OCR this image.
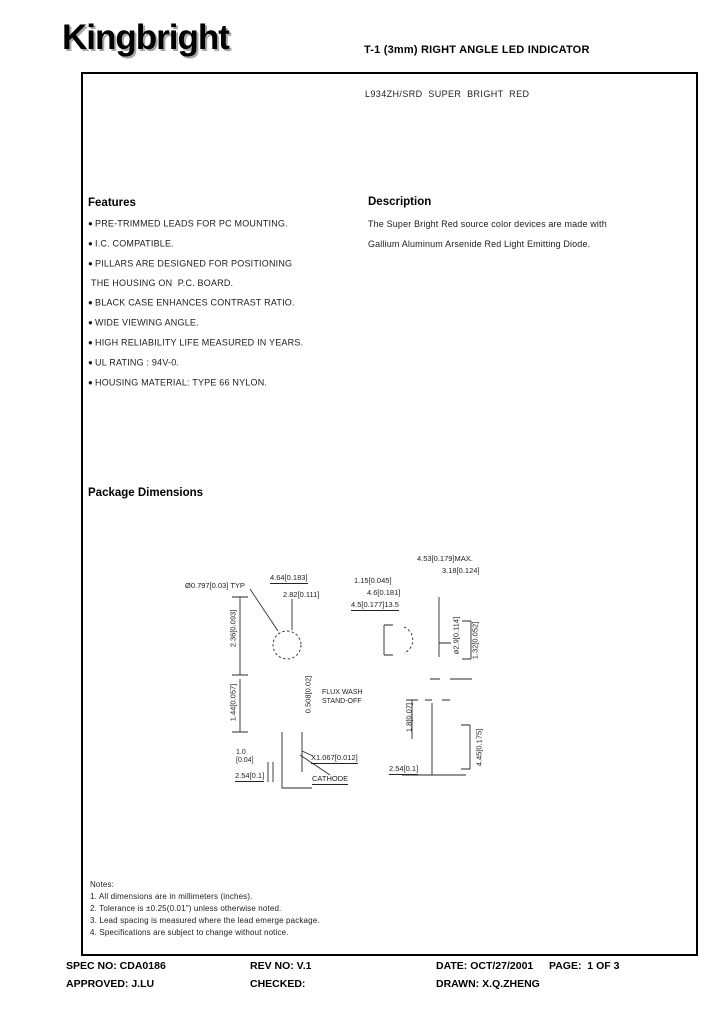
Kingbright	T-1 (3mm) RIGHT ANGLE LED INDICATOR
L934ZH/SRD  SUPER  BRIGHT  RED
Features
● PRE-TRIMMED LEADS FOR PC MOUNTING.
● I.C. COMPATIBLE.
● PILLARS ARE DESIGNED FOR POSITIONING
THE HOUSING ON  P.C. BOARD.
● BLACK CASE ENHANCES CONTRAST RATIO.
● WIDE VIEWING ANGLE.
● HIGH RELIABILITY LIFE MEASURED IN YEARS.
● UL RATING : 94V-0.
● HOUSING MATERIAL: TYPE 66 NYLON.
Description
The Super Bright Red source color devices are made with
Gallium Aluminum Arsenide Red Light Emitting Diode.
Package Dimensions
Ø0.797[0.03] TYP
4.64[0.183]
2.82[0.111]
2.36[0.093]
1.44[0.057]
4.53[0.179]MAX.
3.18[0.124]
1.15[0.045]
4.6[0.181]
4.5[0.177]13.5
ø2.9[0.114] 1.32[0.052]
0.508[0.02] FLUX WASH
STAND-OFF
X1.067[0.012]
1.0
[0.04]
2.54[0.1]	CATHODE
1.8[0.07]
2.54[0.1]
4.45[0.175]
Notes:
1. All dimensions are in millimeters (inches).
2. Tolerance is ±0.25(0.01") unless otherwise noted.
3. Lead spacing is measured where the lead emerge package.
4. Specifications are subject to change without notice.
SPEC NO: CDA0186	REV NO: V.1	DATE: OCT/27/2001 PAGE:  1 OF 3
APPROVED: J.LU	CHECKED:	DRAWN: X.Q.ZHENG
